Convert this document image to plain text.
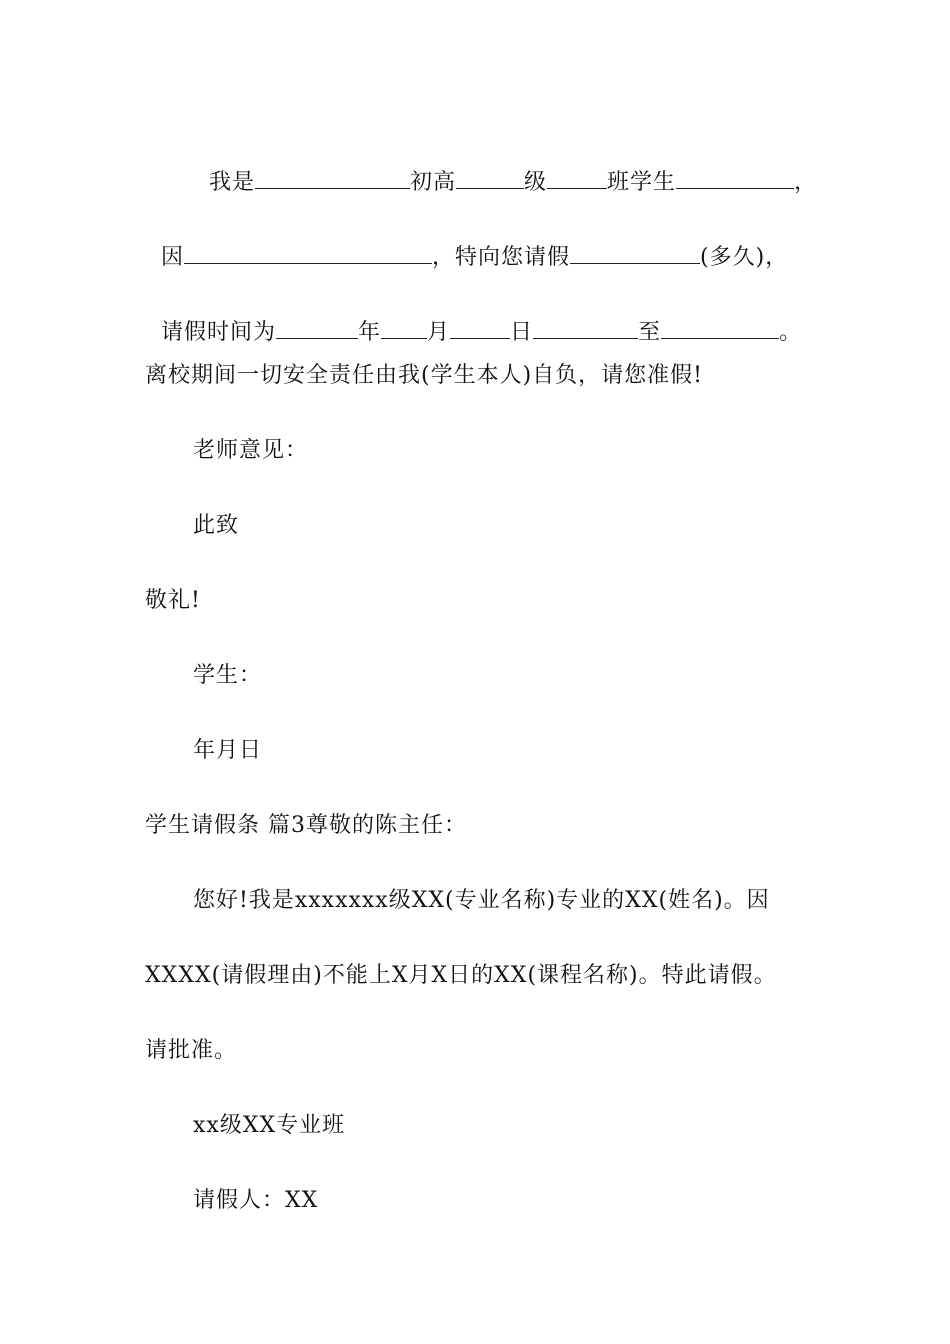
我是	初高	级	班学生	，

因	，特向您请假	(多久)，

请假时间为	年 月	日	至	。

离校期间一切安全责任由我(学生本人)自负，请您准假!
老师意见：
此致
敬礼!
学生：
年月日
学生请假条 篇3尊敬的陈主任：
您好!我是xxxxxxx级XX(专业名称)专业的XX(姓名)。因
XXXX(请假理由)不能上X月X日的XX(课程名称)。特此请假。
请批准。
xx级XX专业班
请假人：XX
